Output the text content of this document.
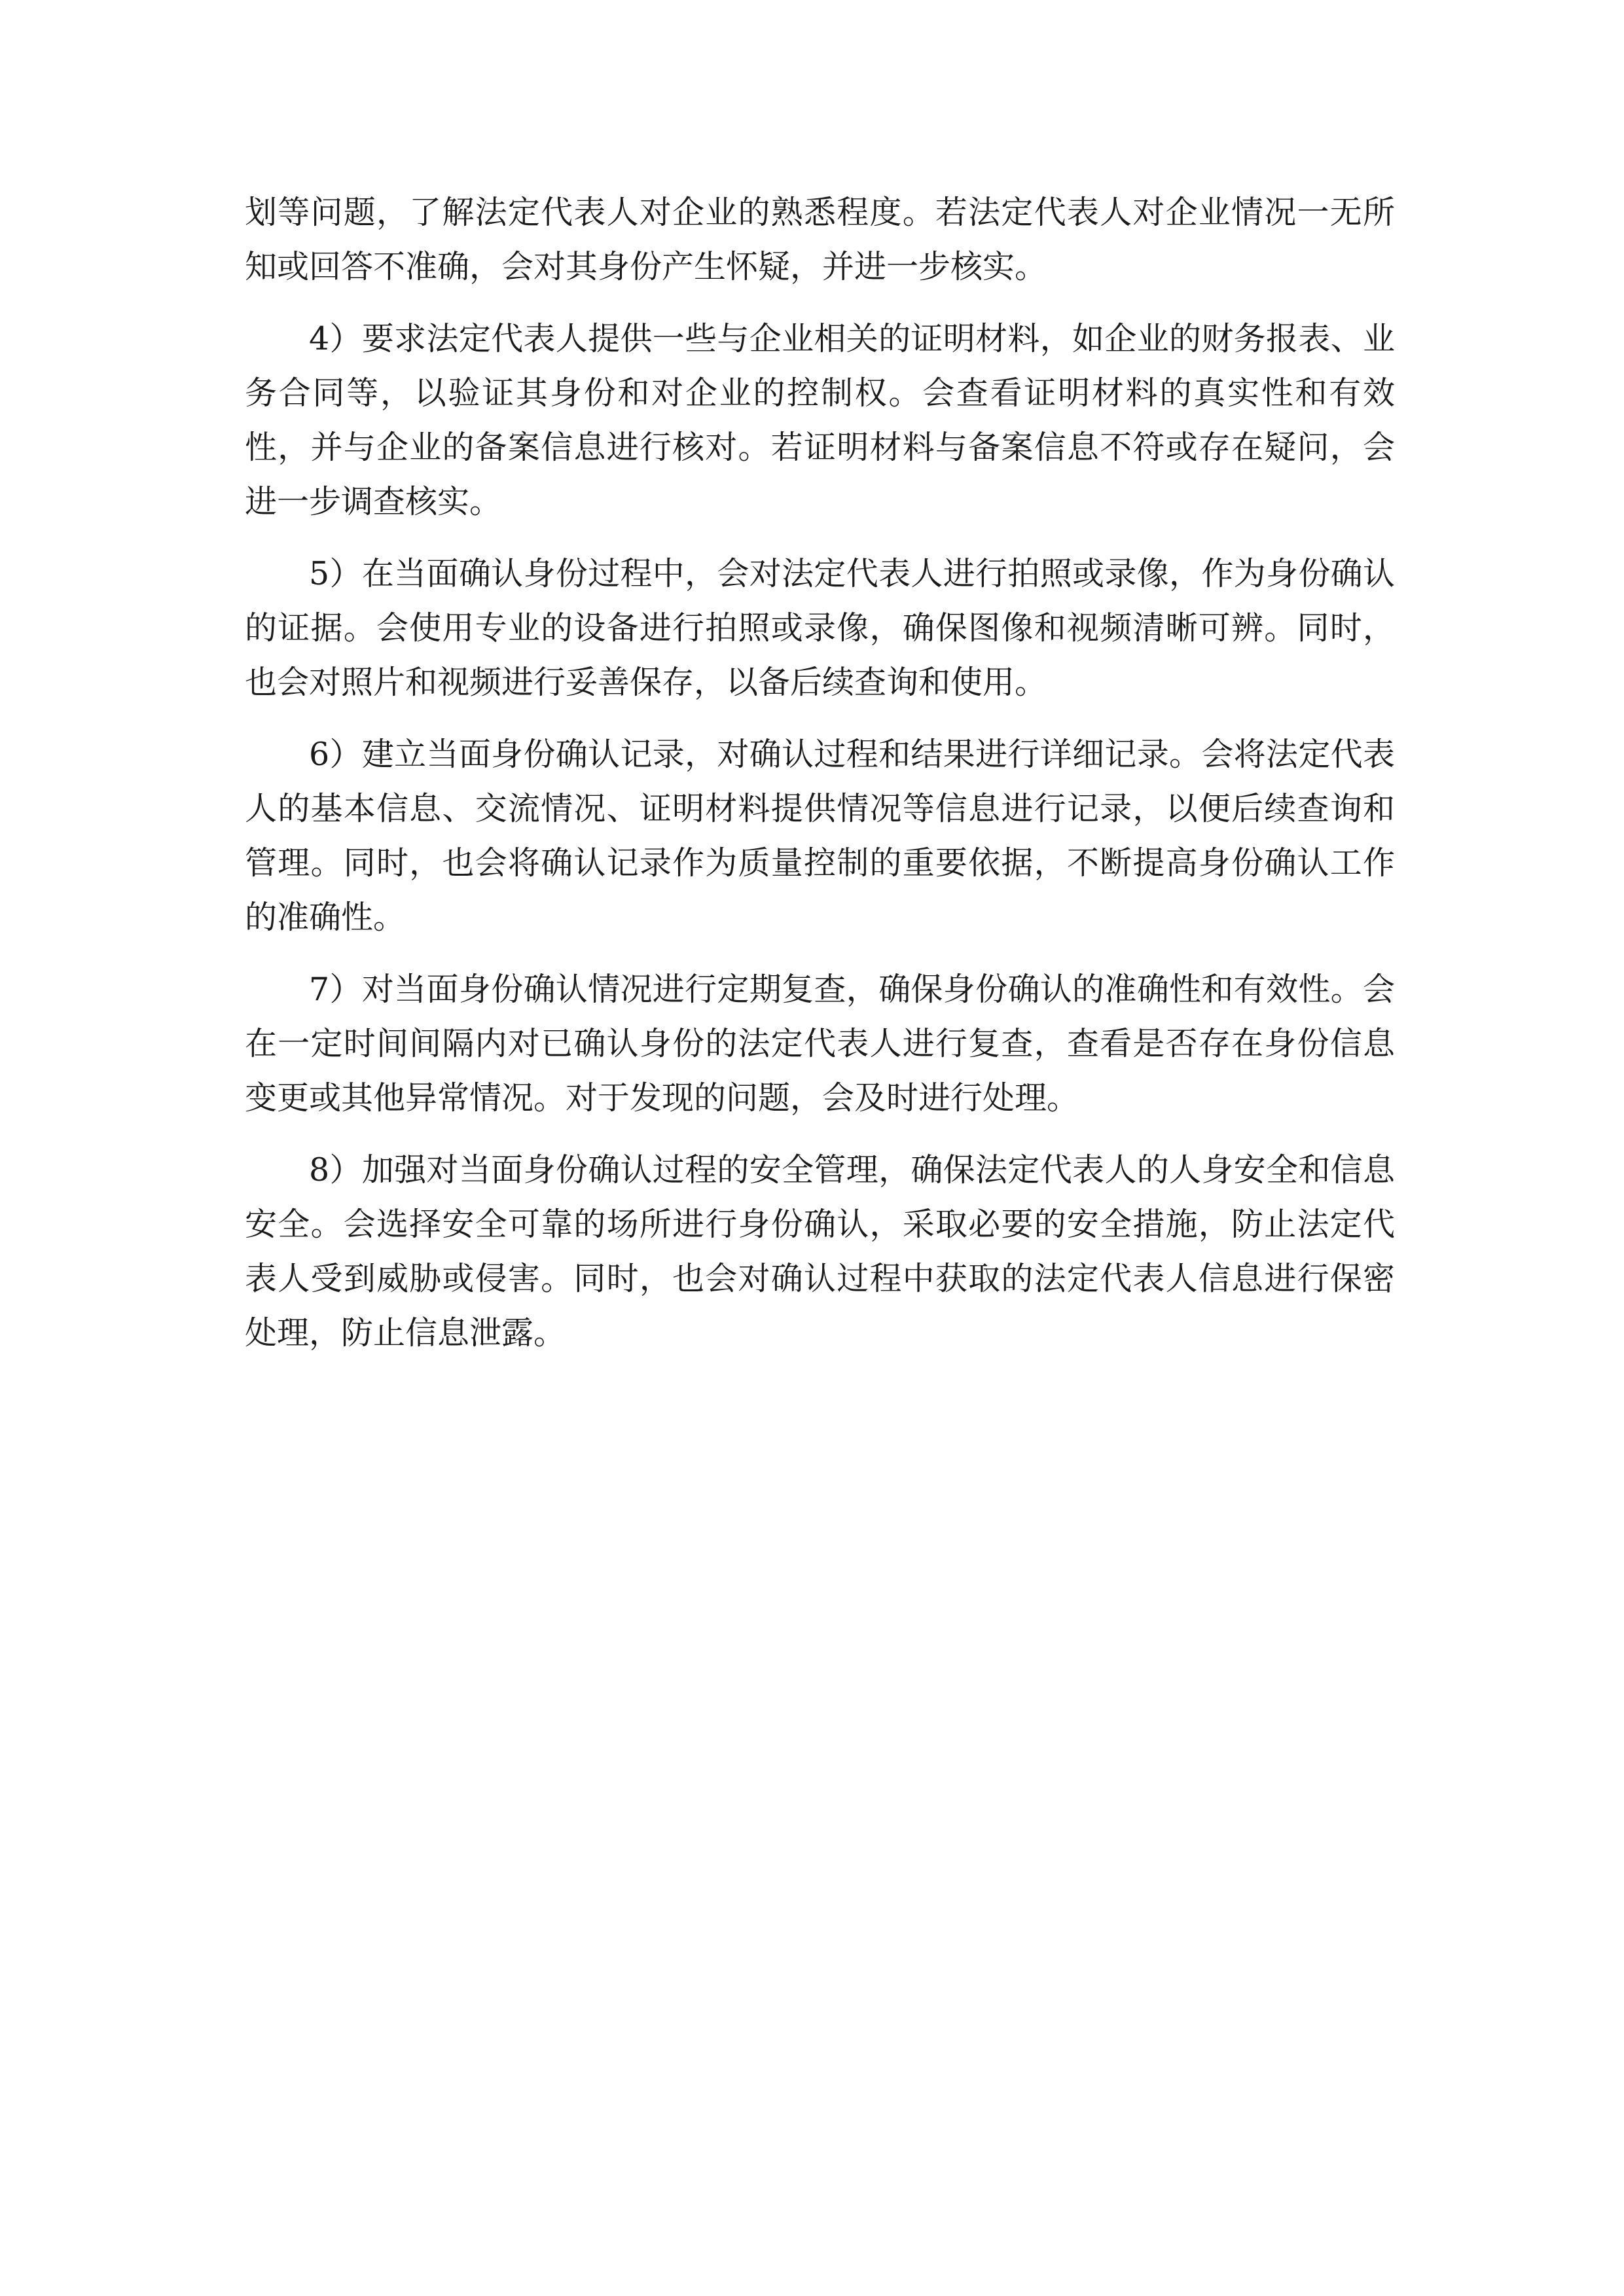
划等问题，了解法定代表人对企业的熟悉程度。若法定代表人对企业情况一无所知或回答不准确，会对其身份产生怀疑，并进一步核实。

4）要求法定代表人提供一些与企业相关的证明材料，如企业的财务报表、业务合同等，以验证其身份和对企业的控制权。会查看证明材料的真实性和有效性，并与企业的备案信息进行核对。若证明材料与备案信息不符或存在疑问，会进一步调查核实。

5）在当面确认身份过程中，会对法定代表人进行拍照或录像，作为身份确认的证据。会使用专业的设备进行拍照或录像，确保图像和视频清晰可辨。同时，也会对照片和视频进行妥善保存，以备后续查询和使用。

6）建立当面身份确认记录，对确认过程和结果进行详细记录。会将法定代表人的基本信息、交流情况、证明材料提供情况等信息进行记录，以便后续查询和管理。同时，也会将确认记录作为质量控制的重要依据，不断提高身份确认工作的准确性。

7）对当面身份确认情况进行定期复查，确保身份确认的准确性和有效性。会在一定时间间隔内对已确认身份的法定代表人进行复查，查看是否存在身份信息变更或其他异常情况。对于发现的问题，会及时进行处理。

8）加强对当面身份确认过程的安全管理，确保法定代表人的人身安全和信息安全。会选择安全可靠的场所进行身份确认，采取必要的安全措施，防止法定代表人受到威胁或侵害。同时，也会对确认过程中获取的法定代表人信息进行保密处理，防止信息泄露。
